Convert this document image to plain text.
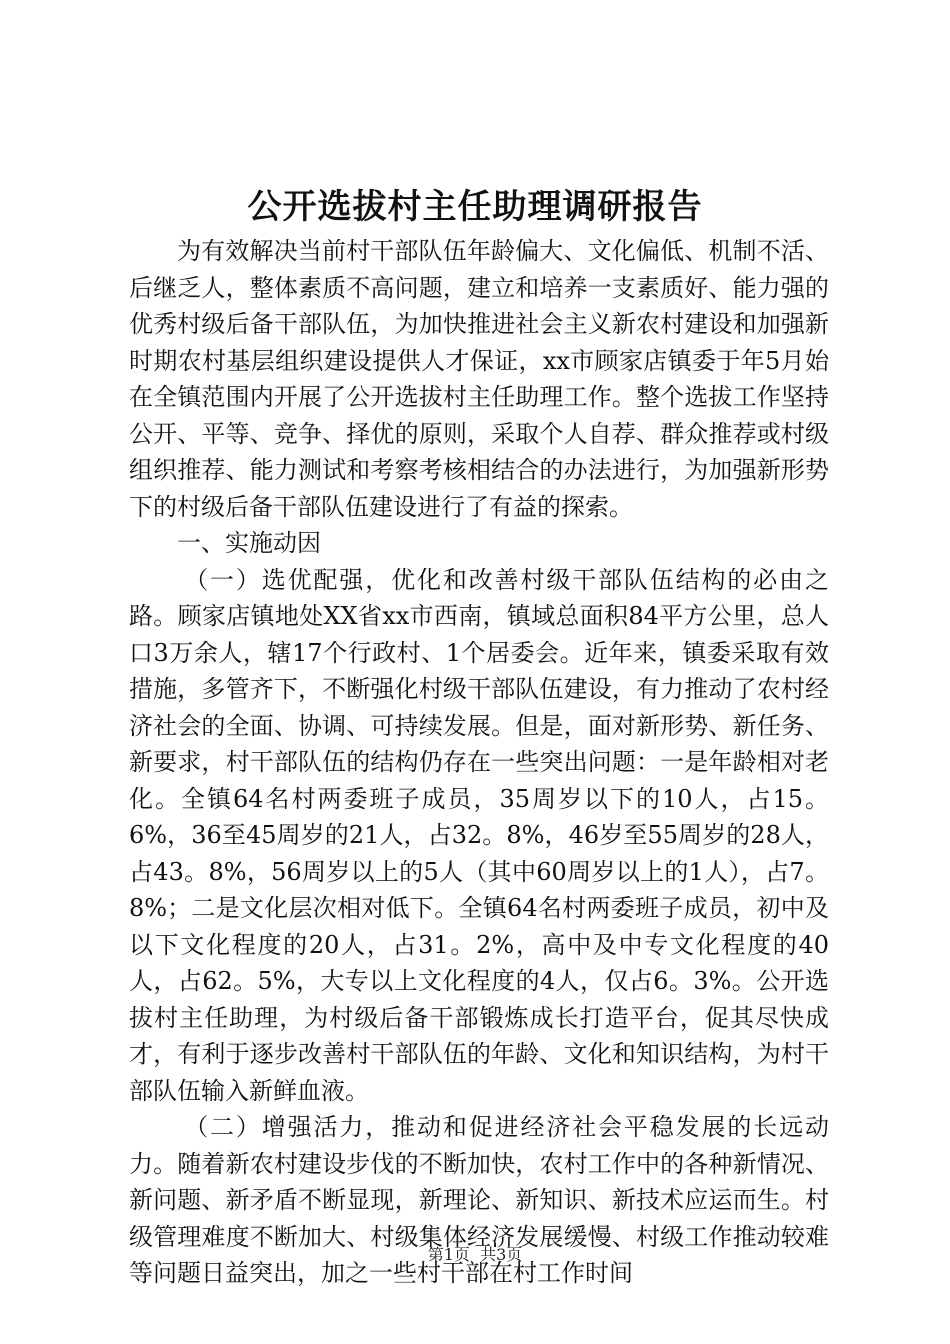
公开选拔村主任助理调研报告

为有效解决当前村干部队伍年龄偏大、文化偏低、机制不活、后继乏人，整体素质不高问题，建立和培养一支素质好、能力强的优秀村级后备干部队伍，为加快推进社会主义新农村建设和加强新时期农村基层组织建设提供人才保证，xx市顾家店镇委于年5月始在全镇范围内开展了公开选拔村主任助理工作。整个选拔工作坚持公开、平等、竞争、择优的原则，采取个人自荐、群众推荐或村级组织推荐、能力测试和考察考核相结合的办法进行，为加强新形势下的村级后备干部队伍建设进行了有益的探索。

一、实施动因

（一）选优配强，优化和改善村级干部队伍结构的必由之路。顾家店镇地处XX省xx市西南，镇域总面积84平方公里，总人口3万余人，辖17个行政村、1个居委会。近年来，镇委采取有效措施，多管齐下，不断强化村级干部队伍建设，有力推动了农村经济社会的全面、协调、可持续发展。但是，面对新形势、新任务、新要求，村干部队伍的结构仍存在一些突出问题：一是年龄相对老化。全镇64名村两委班子成员，35周岁以下的10人，占15。6%，36至45周岁的21人，占32。8%，46岁至55周岁的28人，占43。8%，56周岁以上的5人（其中60周岁以上的1人），占7。8%；二是文化层次相对低下。全镇64名村两委班子成员，初中及以下文化程度的20人，占31。2%，高中及中专文化程度的40人，占62。5%，大专以上文化程度的4人，仅占6。3%。公开选拔村主任助理，为村级后备干部锻炼成长打造平台，促其尽快成才，有利于逐步改善村干部队伍的年龄、文化和知识结构，为村干部队伍输入新鲜血液。

（二）增强活力，推动和促进经济社会平稳发展的长远动力。随着新农村建设步伐的不断加快，农村工作中的各种新情况、新问题、新矛盾不断显现，新理论、新知识、新技术应运而生。村级管理难度不断加大、村级集体经济发展缓慢、村级工作推动较难等问题日益突出，加之一些村干部在村工作时间

第1页  共3页
